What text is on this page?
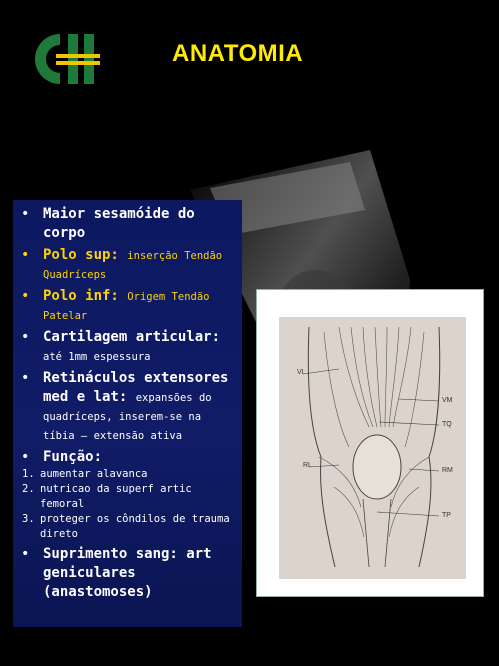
ANATOMIA
• Maior sesamóide do corpo
• Polo sup: inserção Tendão Quadríceps
• Polo inf: Origem Tendão Patelar
• Cartilagem articular: até 1mm espessura
• Retináculos extensores med e lat: expansões do quadríceps, inserem-se na tíbia – extensão ativa
• Função:
1. aumentar alavanca
2. nutricao da superf artic femoral
3. proteger os côndilos de trauma direto
• Suprimento sang: art geniculares (anastomoses)
VL
VM
TQ
RL
RM
TP
